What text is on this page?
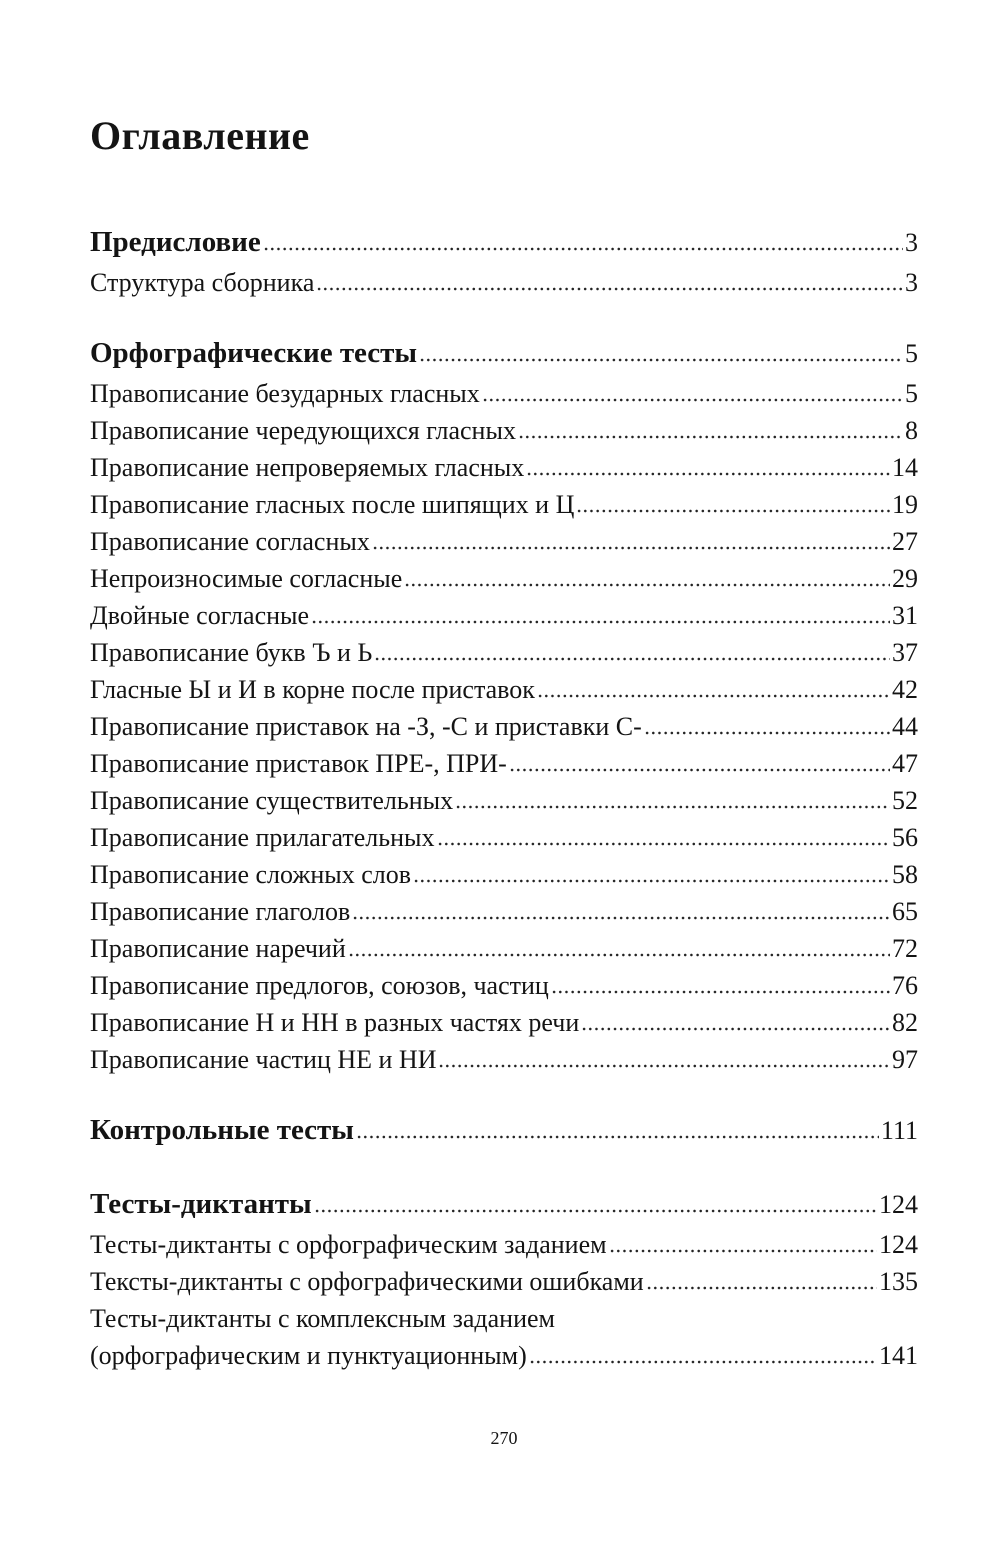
Оглавление
Предисловие	3
Структура сборника	3
Орфографические тесты	5
Правописание безударных гласных	5
Правописание чередующихся гласных	8
Правописание непроверяемых гласных	14
Правописание гласных после шипящих и Ц	19
Правописание согласных	27
Непроизносимые согласные	29
Двойные согласные	31
Правописание букв Ъ и Ь	37
Гласные Ы и И в корне после приставок	42
Правописание приставок на -З, -С и приставки С-	44
Правописание приставок ПРЕ-, ПРИ-	47
Правописание существительных	52
Правописание прилагательных	56
Правописание сложных слов	58
Правописание глаголов	65
Правописание наречий	72
Правописание предлогов, союзов, частиц	76
Правописание Н и НН в разных частях речи	82
Правописание частиц НЕ и НИ	97
Контрольные тесты	111
Тесты-диктанты	124
Тесты-диктанты с орфографическим заданием	124
Тексты-диктанты с орфографическими ошибками	135
Тесты-диктанты с комплексным заданием
(орфографическим и пунктуационным)	141
270
